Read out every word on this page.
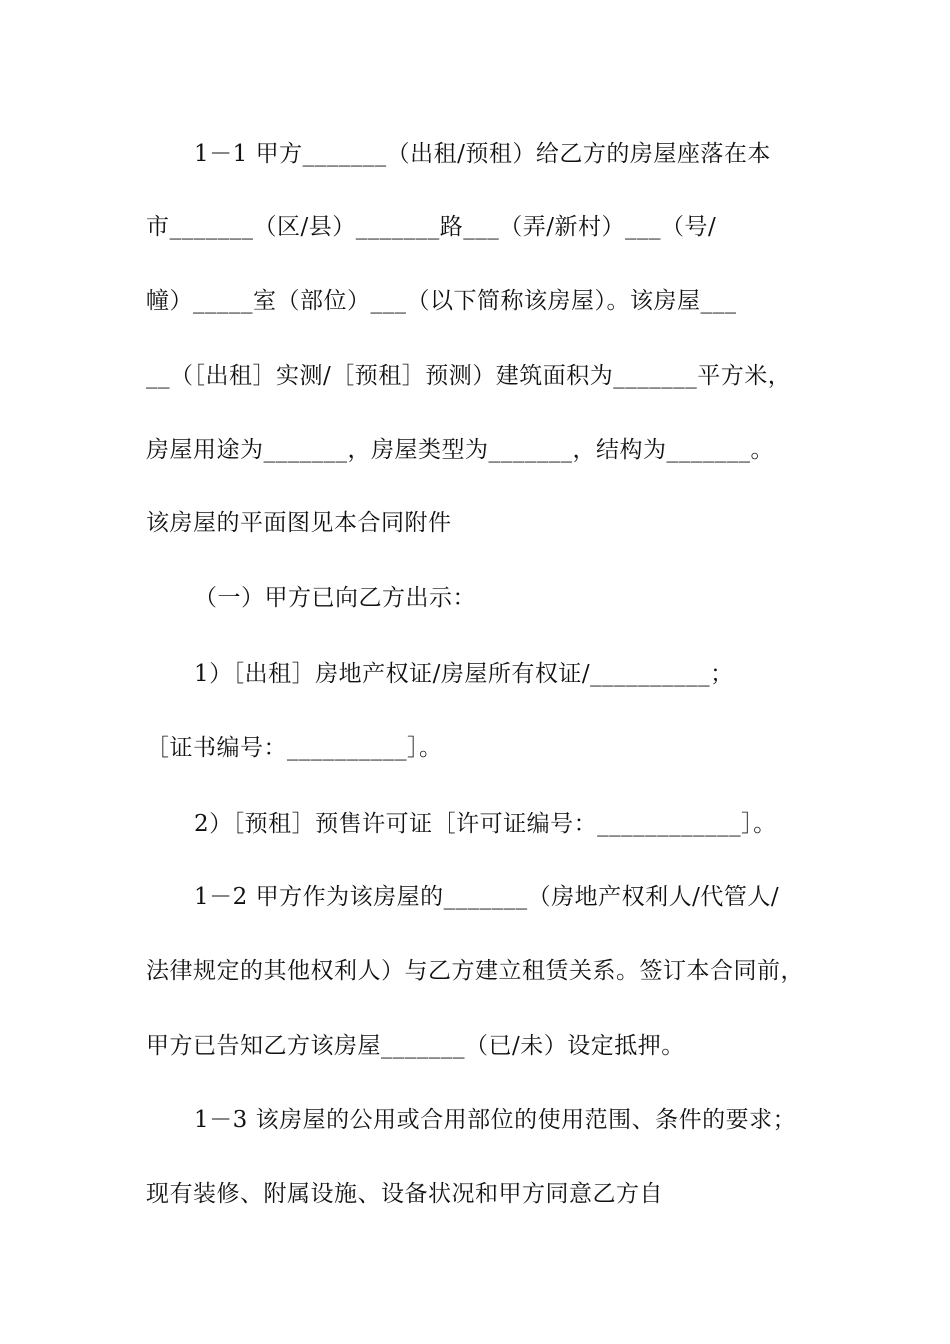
1－1 甲方_______（出租/预租）给乙方的房屋座落在本
市_______（区/县）_______路___（弄/新村）___（号/
幢）_____室（部位）___（以下简称该房屋）。该房屋___
__（［出租］实测/［预租］预测）建筑面积为_______平方米，
房屋用途为_______，房屋类型为_______，结构为_______。
该房屋的平面图见本合同附件
（一）甲方已向乙方出示：
1）［出租］房地产权证/房屋所有权证/__________；
［证书编号：__________］。
2）［预租］预售许可证［许可证编号：____________］。
1－2 甲方作为该房屋的_______（房地产权利人/代管人/
法律规定的其他权利人）与乙方建立租赁关系。签订本合同前，
甲方已告知乙方该房屋_______（已/未）设定抵押。
1－3 该房屋的公用或合用部位的使用范围、条件的要求；
现有装修、附属设施、设备状况和甲方同意乙方自
